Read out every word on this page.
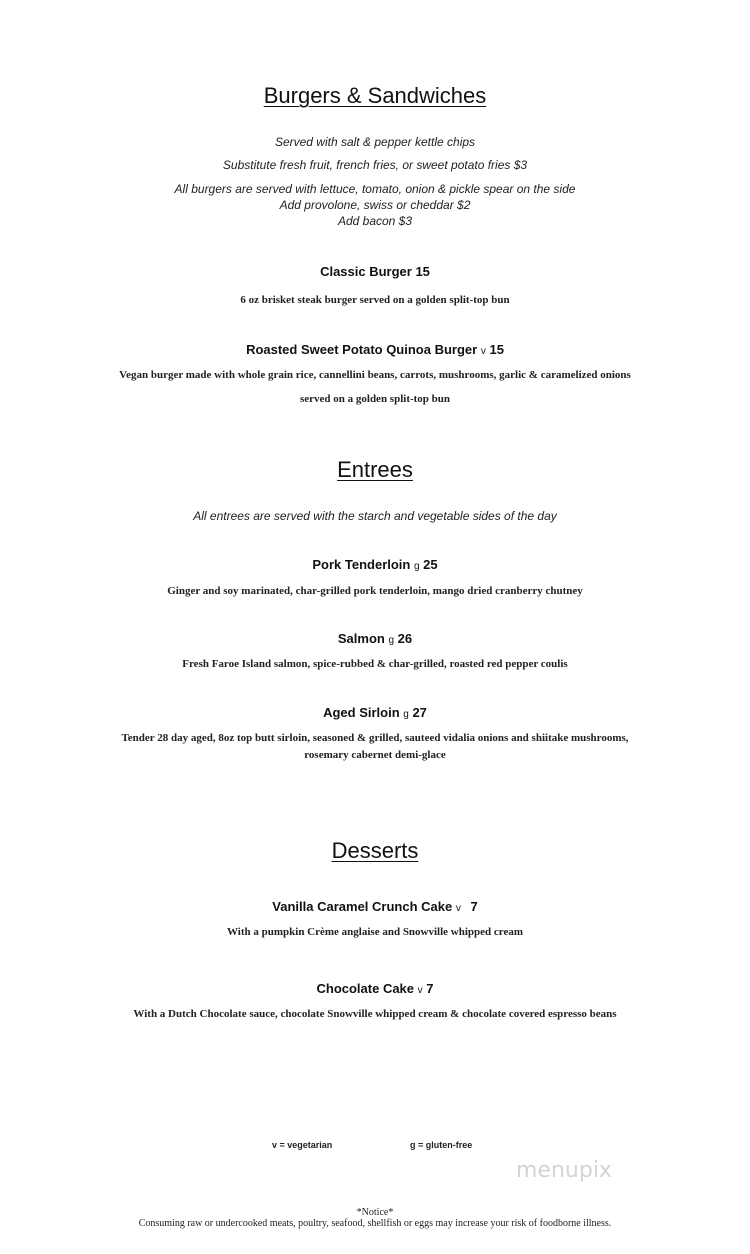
Burgers & Sandwiches
Served with salt & pepper kettle chips
Substitute fresh fruit, french fries, or sweet potato fries $3
All burgers are served with lettuce, tomato, onion & pickle spear on the side
Add provolone, swiss or cheddar $2
Add bacon $3
Classic Burger 15
6 oz brisket steak burger served on a golden split-top bun
Roasted Sweet Potato Quinoa Burger v 15
Vegan burger made with whole grain rice, cannellini beans, carrots, mushrooms, garlic & caramelized onions
served on a golden split-top bun
Entrees
All entrees are served with the starch and vegetable sides of the day
Pork Tenderloin g 25
Ginger and soy marinated, char-grilled pork tenderloin, mango dried cranberry chutney
Salmon g 26
Fresh Faroe Island salmon, spice-rubbed & char-grilled, roasted red pepper coulis
Aged Sirloin g 27
Tender 28 day aged, 8oz top butt sirloin, seasoned & grilled, sauteed vidalia onions and shiitake mushrooms,
rosemary cabernet demi-glace
Desserts
Vanilla Caramel Crunch Cake v 7
With a pumpkin Crème anglaise and Snowville whipped cream
Chocolate Cake v 7
With a Dutch Chocolate sauce, chocolate Snowville whipped cream & chocolate covered espresso beans
v = vegetarian	g = gluten-free
menupix
*Notice*
Consuming raw or undercooked meats, poultry, seafood, shellfish or eggs may increase your risk of foodborne illness.
